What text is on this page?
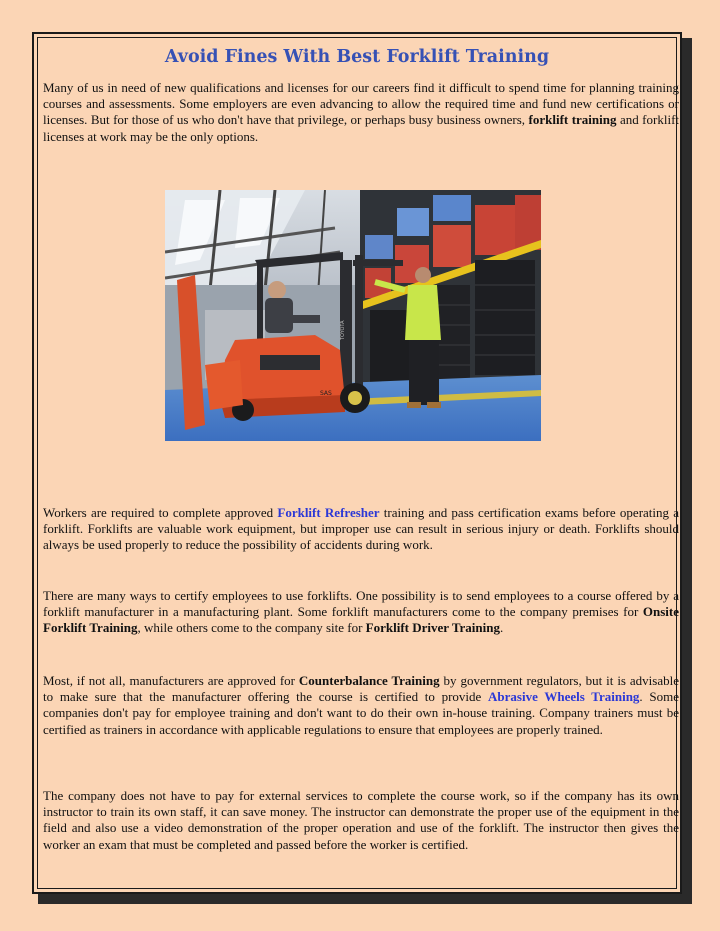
Avoid Fines With Best Forklift Training

Many of us in need of new qualifications and licenses for our careers find it difficult to spend time for planning training courses and assessments. Some employers are even advancing to allow the required time and fund new certifications or licenses. But for those of us who don't have that privilege, or perhaps busy business owners, forklift training and forklift licenses at work may be the only options.

SAS
TOYOTA

Workers are required to complete approved Forklift Refresher training and pass certification exams before operating a forklift. Forklifts are valuable work equipment, but improper use can result in serious injury or death. Forklifts should always be used properly to reduce the possibility of accidents during work.

There are many ways to certify employees to use forklifts. One possibility is to send employees to a course offered by a forklift manufacturer in a manufacturing plant. Some forklift manufacturers come to the company premises for Onsite Forklift Training, while others come to the company site for Forklift Driver Training.

Most, if not all, manufacturers are approved for Counterbalance Training by government regulators, but it is advisable to make sure that the manufacturer offering the course is certified to provide Abrasive Wheels Training. Some companies don't pay for employee training and don't want to do their own in-house training. Company trainers must be certified as trainers in accordance with applicable regulations to ensure that employees are properly trained.

The company does not have to pay for external services to complete the course work, so if the company has its own instructor to train its own staff, it can save money. The instructor can demonstrate the proper use of the equipment in the field and also use a video demonstration of the proper operation and use of the forklift. The instructor then gives the worker an exam that must be completed and passed before the worker is certified.
